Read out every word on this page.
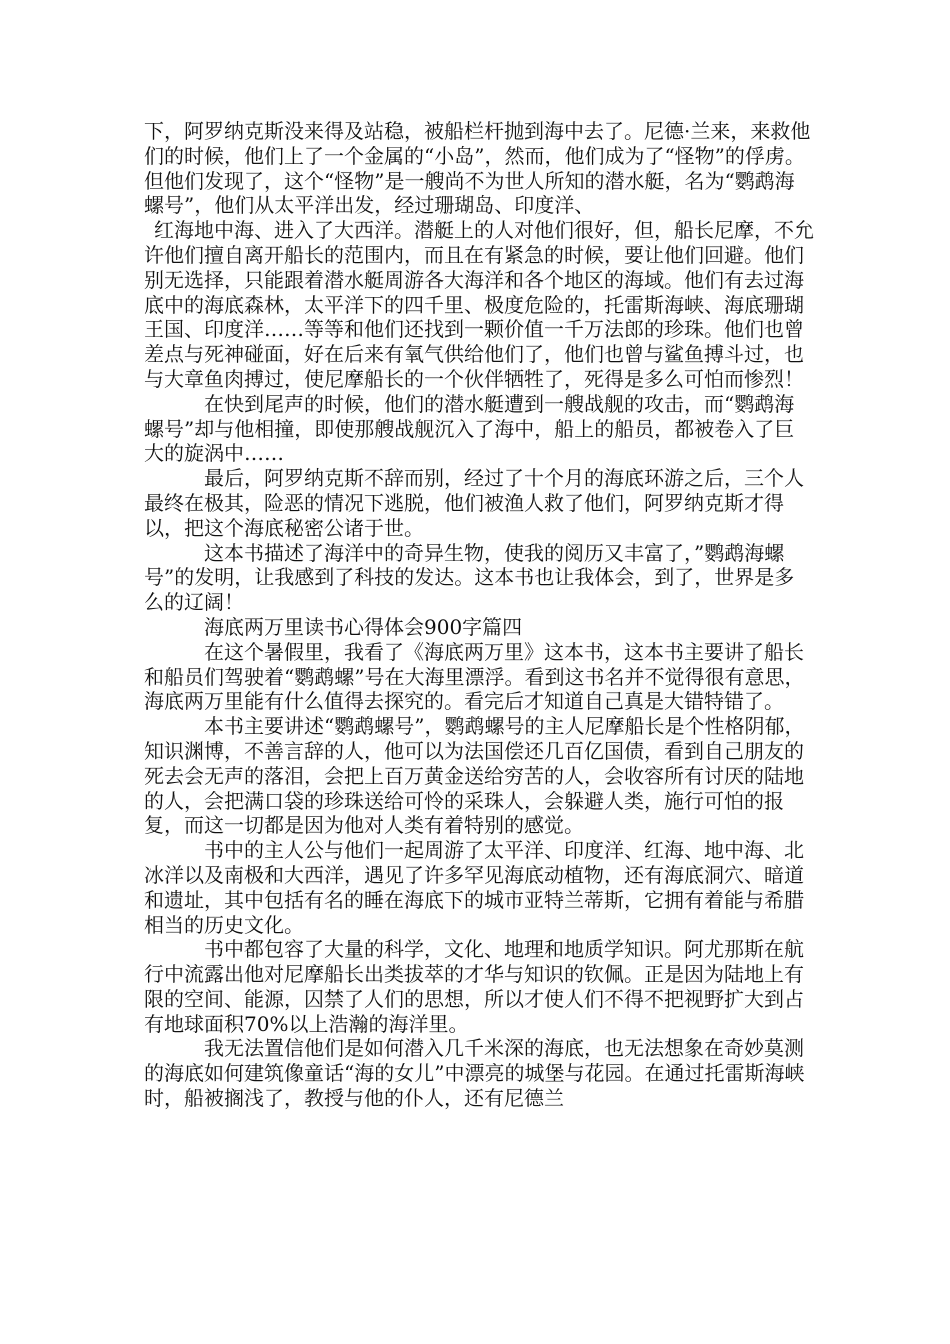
下，阿罗纳克斯没来得及站稳，被船栏杆抛到海中去了。尼德·兰来，来救他们的时候，他们上了一个金属的“小岛”，然而，他们成为了“怪物”的俘虏。但他们发现了，这个“怪物”是一艘尚不为世人所知的潜水艇，名为“鹦鹉海螺号”，他们从太平洋出发，经过珊瑚岛、印度洋、

红海地中海、进入了大西洋。潜艇上的人对他们很好，但，船长尼摩，不允许他们擅自离开船长的范围内，而且在有紧急的时候，要让他们回避。他们别无选择，只能跟着潜水艇周游各大海洋和各个地区的海域。他们有去过海底中的海底森林，太平洋下的四千里、极度危险的，托雷斯海峡、海底珊瑚王国、印度洋……等等和他们还找到一颗价值一千万法郎的珍珠。他们也曾差点与死神碰面，好在后来有氧气供给他们了，他们也曾与鲨鱼搏斗过，也与大章鱼肉搏过，使尼摩船长的一个伙伴牺牲了，死得是多么可怕而惨烈！

在快到尾声的时候，他们的潜水艇遭到一艘战舰的攻击，而“鹦鹉海螺号”却与他相撞，即使那艘战舰沉入了海中，船上的船员，都被卷入了巨大的旋涡中……

最后，阿罗纳克斯不辞而别，经过了十个月的海底环游之后，三个人最终在极其，险恶的情况下逃脱，他们被渔人救了他们，阿罗纳克斯才得以，把这个海底秘密公诸于世。

这本书描述了海洋中的奇异生物，使我的阅历又丰富了，”鹦鹉海螺号”的发明，让我感到了科技的发达。这本书也让我体会，到了，世界是多么的辽阔！

海底两万里读书心得体会900字篇四

在这个暑假里，我看了《海底两万里》这本书，这本书主要讲了船长和船员们驾驶着“鹦鹉螺”号在大海里漂浮。看到这书名并不觉得很有意思，海底两万里能有什么值得去探究的。看完后才知道自己真是大错特错了。

本书主要讲述“鹦鹉螺号”，鹦鹉螺号的主人尼摩船长是个性格阴郁，知识渊博，不善言辞的人，他可以为法国偿还几百亿国债，看到自己朋友的死去会无声的落泪，会把上百万黄金送给穷苦的人，会收容所有讨厌的陆地的人，会把满口袋的珍珠送给可怜的采珠人，会躲避人类，施行可怕的报复，而这一切都是因为他对人类有着特别的感觉。

书中的主人公与他们一起周游了太平洋、印度洋、红海、地中海、北冰洋以及南极和大西洋，遇见了许多罕见海底动植物，还有海底洞穴、暗道和遗址，其中包括有名的睡在海底下的城市亚特兰蒂斯，它拥有着能与希腊相当的历史文化。

书中都包容了大量的科学，文化、地理和地质学知识。阿尤那斯在航行中流露出他对尼摩船长出类拔萃的才华与知识的钦佩。正是因为陆地上有限的空间、能源，囚禁了人们的思想，所以才使人们不得不把视野扩大到占有地球面积70%以上浩瀚的海洋里。

我无法置信他们是如何潜入几千米深的海底，也无法想象在奇妙莫测的海底如何建筑像童话“海的女儿”中漂亮的城堡与花园。在通过托雷斯海峡时，船被搁浅了，教授与他的仆人，还有尼德兰
